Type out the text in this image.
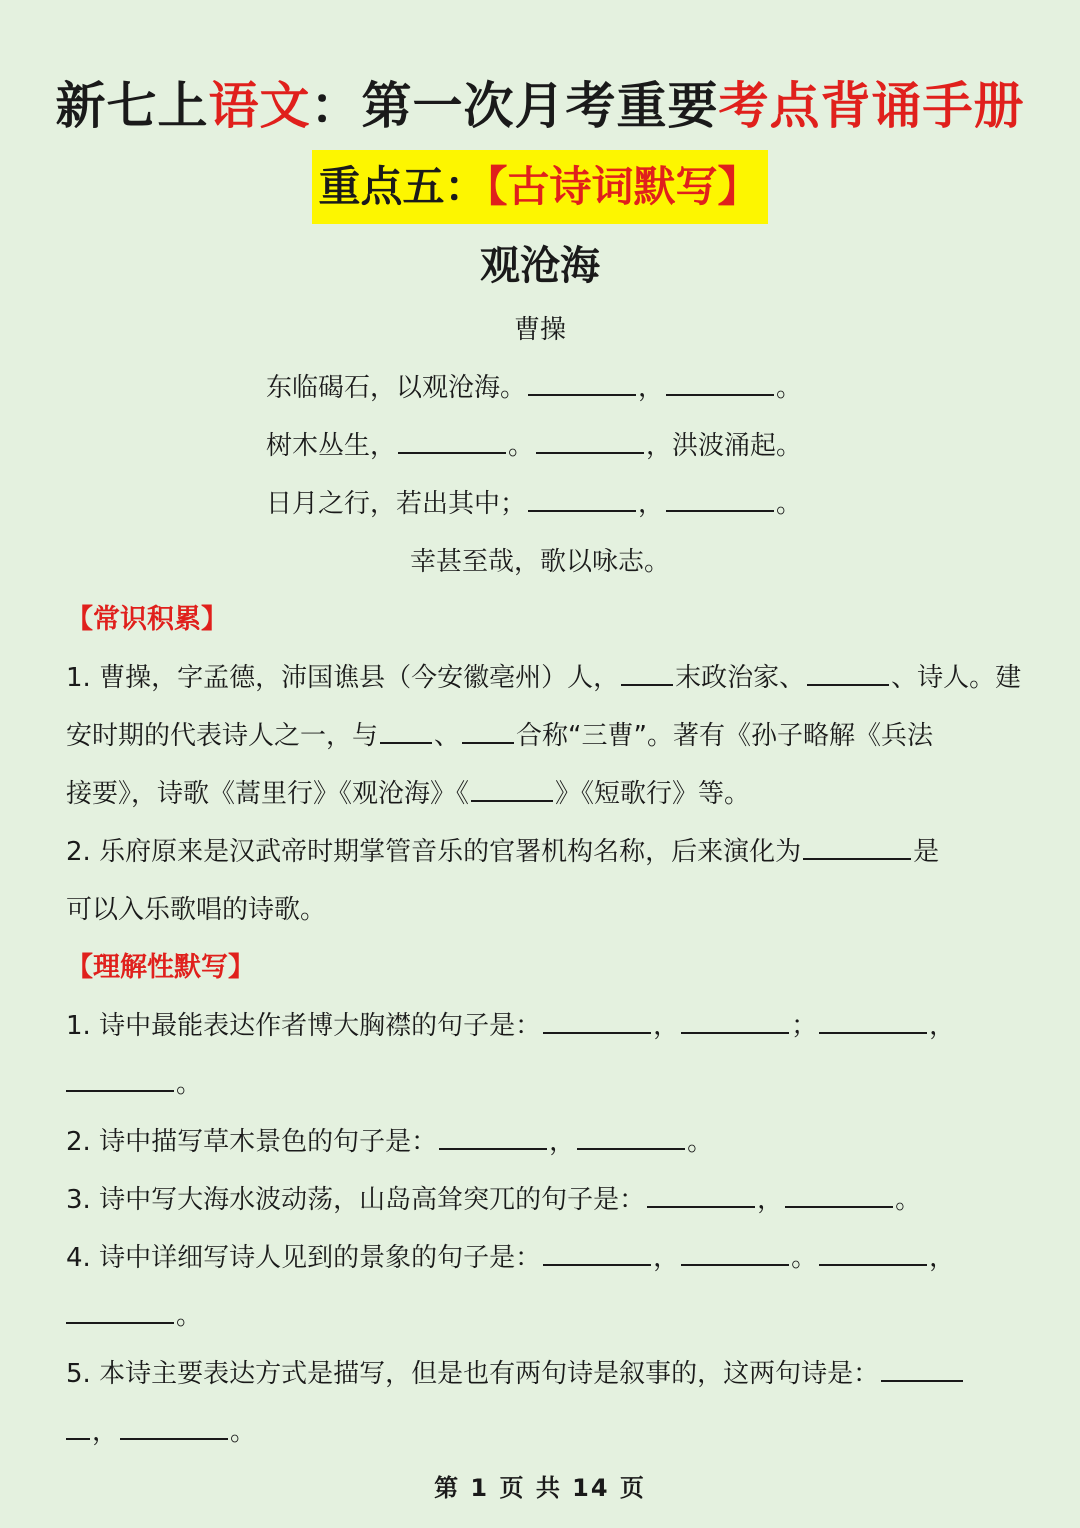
新七上语文：第一次月考重要考点背诵手册
重点五：【古诗词默写】
观沧海
曹操
东临碣石，以观沧海。	，	。
树木丛生，	。	，洪波涌起。
日月之行，若出其中；	，	。
幸甚至哉，歌以咏志。
【常识积累】
1. 曹操，字孟德，沛国谯县（今安徽亳州）人， 末政治家、	、诗人。建
安时期的代表诗人之一，与 、 合称“三曹”。著有《孙子略解《兵法
接要》，诗歌《蒿里行》《观沧海》《	》《短歌行》等。
2. 乐府原来是汉武帝时期掌管音乐的官署机构名称，后来演化为	是
可以入乐歌唱的诗歌。
【理解性默写】
1. 诗中最能表达作者博大胸襟的句子是：	，	；	，
。
2. 诗中描写草木景色的句子是：	，	。
3. 诗中写大海水波动荡，山岛高耸突兀的句子是：	，	。
4. 诗中详细写诗人见到的景象的句子是：	，	。	，
。
5. 本诗主要表达方式是描写，但是也有两句诗是叙事的，这两句诗是：
，	。
第 1 页 共 14 页
